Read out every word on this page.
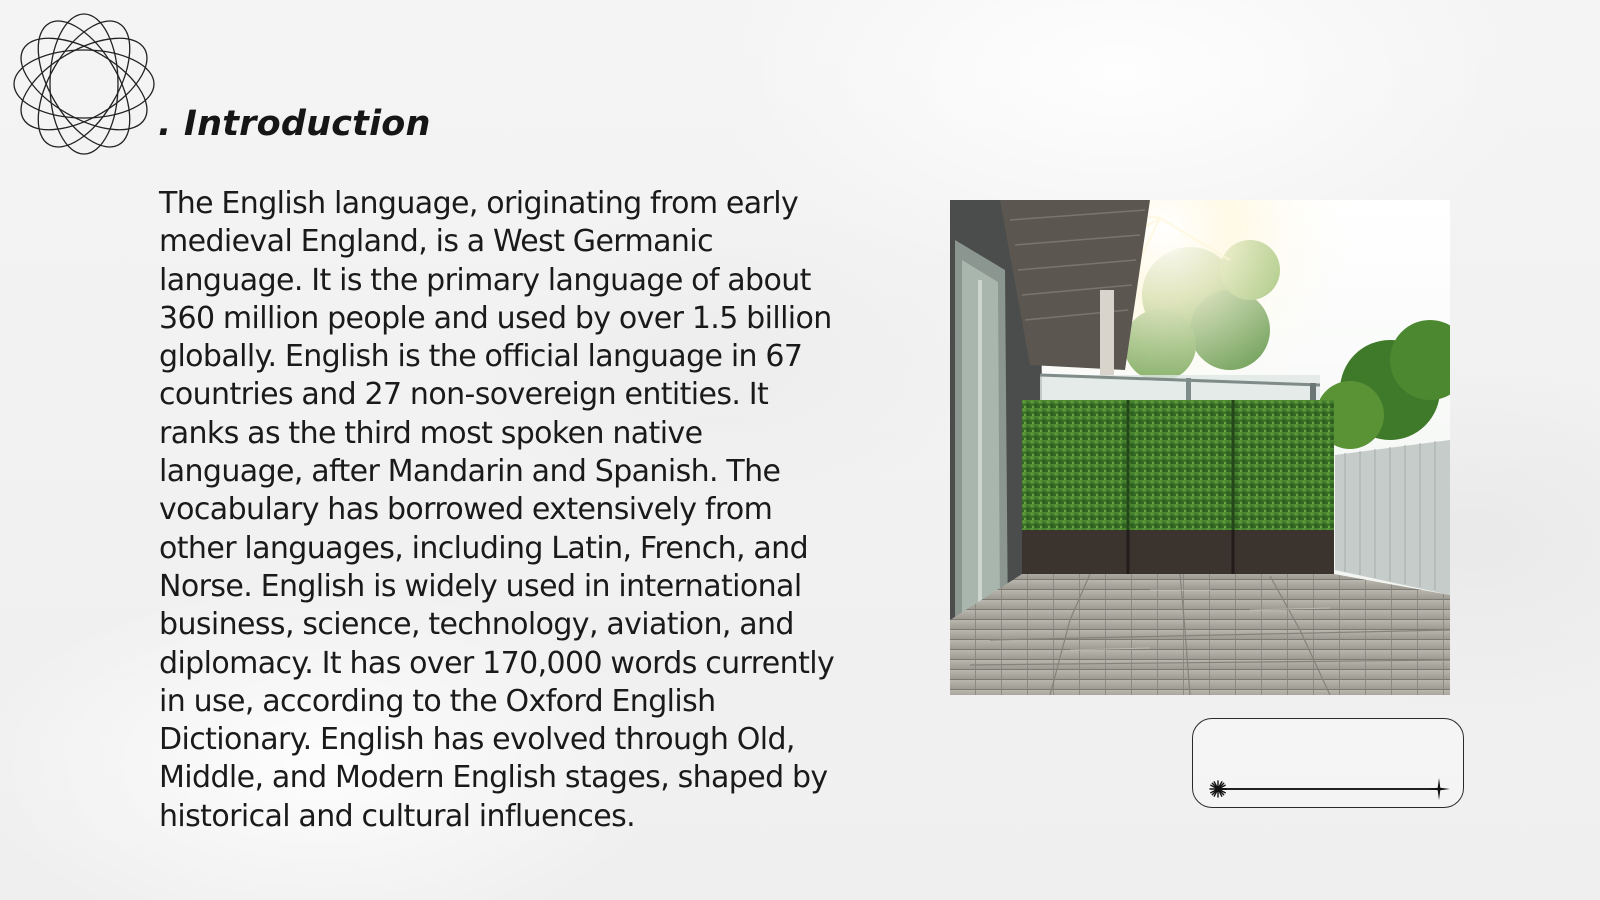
. Introduction

The English language, originating from early medieval England, is a West Germanic language. It is the primary language of about 360 million people and used by over 1.5 billion globally. English is the official language in 67 countries and 27 non-sovereign entities. It ranks as the third most spoken native language, after Mandarin and Spanish. The vocabulary has borrowed extensively from other languages, including Latin, French, and Norse. English is widely used in international business, science, technology, aviation, and diplomacy. It has over 170,000 words currently in use, according to the Oxford English Dictionary. English has evolved through Old, Middle, and Modern English stages, shaped by historical and cultural influences.
